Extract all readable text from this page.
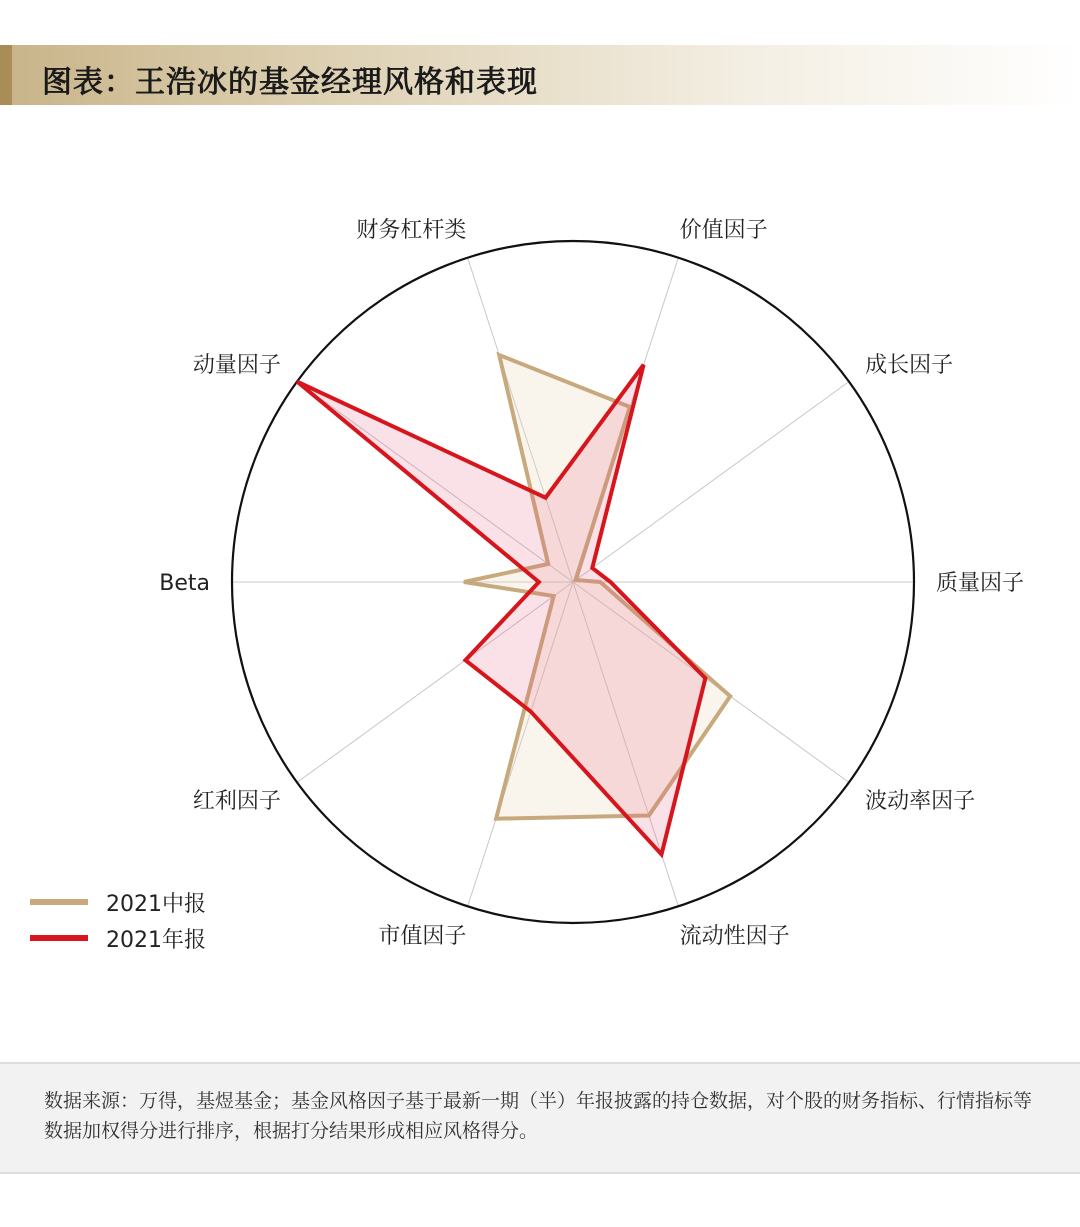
图表：王浩冰的基金经理风格和表现
价值因子
成长因子
质量因子
波动率因子
流动性因子
市值因子
红利因子
Beta
动量因子
财务杠杆类
2021中报
2021年报
数据来源：万得，基煜基金；基金风格因子基于最新一期（半）年报披露的持仓数据，对个股的财务指标、行情指标等数据加权得分进行排序，根据打分结果形成相应风格得分。
